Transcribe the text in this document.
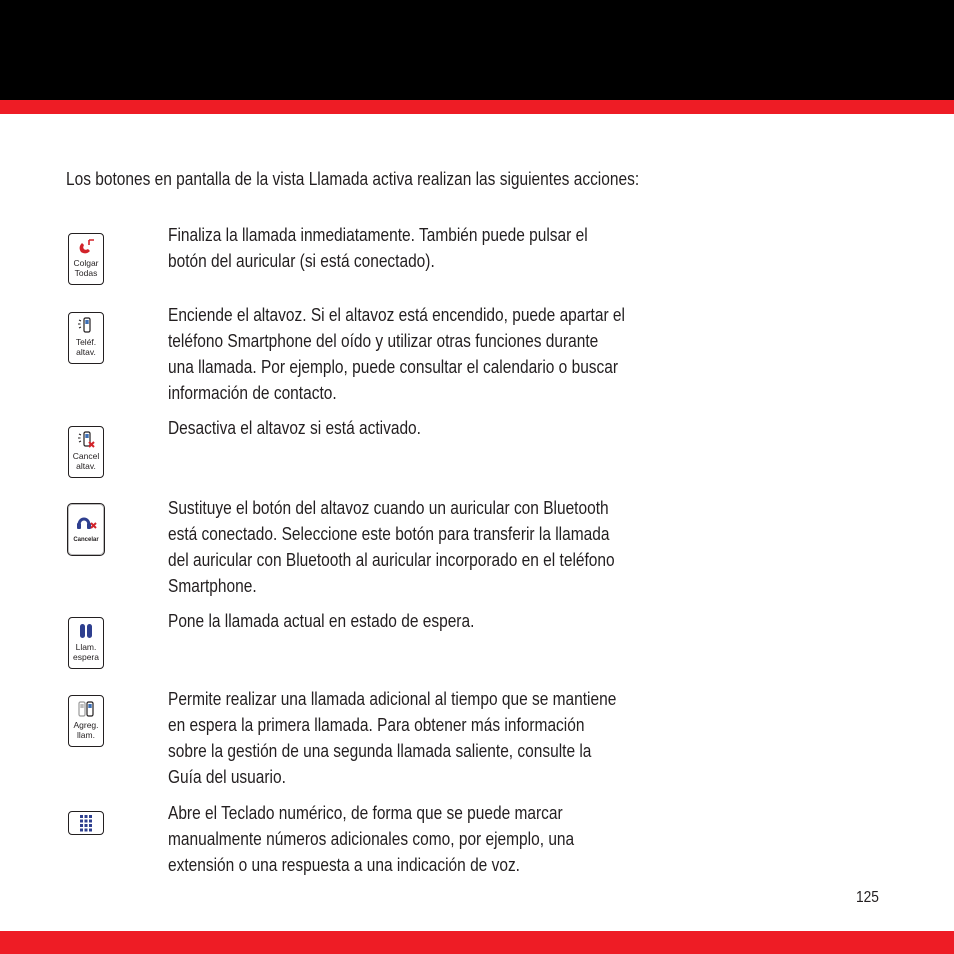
Los botones en pantalla de la vista Llamada activa realizan las siguientes acciones:
Colgar
Todas
Finaliza la llamada inmediatamente. También puede pulsar el
botón del auricular (si está conectado).
Teléf.
altav.
Enciende el altavoz. Si el altavoz está encendido, puede apartar el
teléfono Smartphone del oído y utilizar otras funciones durante
una llamada. Por ejemplo, puede consultar el calendario o buscar
información de contacto.
Cancel
altav.
Desactiva el altavoz si está activado.
Cancelar
Sustituye el botón del altavoz cuando un auricular con Bluetooth
está conectado. Seleccione este botón para transferir la llamada
del auricular con Bluetooth al auricular incorporado en el teléfono
Smartphone.
Llam.
espera
Pone la llamada actual en estado de espera.
Agreg.
llam.
Permite realizar una llamada adicional al tiempo que se mantiene
en espera la primera llamada. Para obtener más información
sobre la gestión de una segunda llamada saliente, consulte la
Guía del usuario.
Abre el Teclado numérico, de forma que se puede marcar
manualmente números adicionales como, por ejemplo, una
extensión o una respuesta a una indicación de voz.
125
